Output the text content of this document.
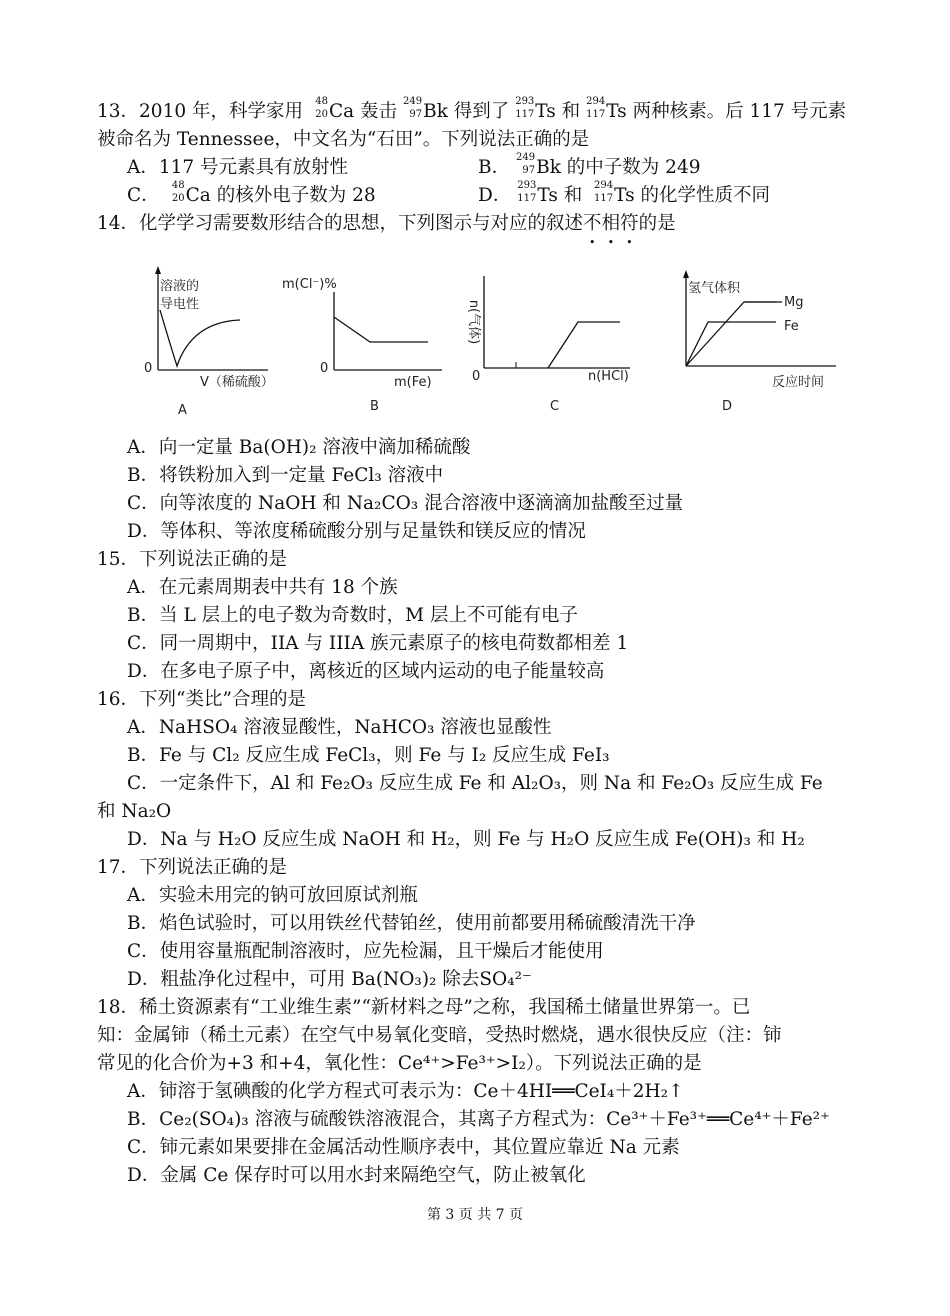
13．2010 年，科学家用 48
20 Ca 轰击 249
97 Bk 得到了 293
117 Ts 和 294
117 Ts 两种核素。后 117 号元素
被命名为 Tennessee，中文名为“石田”。下列说法正确的是
A．117 号元素具有放射性	B． 249
97 Bk 的中子数为 249
C． 48
20 Ca 的核外电子数为 28	D． 293
117 Ts 和 294
117 Ts 的化学性质不同
14．化学学习需要数形结合的思想，下列图示与对应的叙述不相符的是
溶液的
导电性
0
V（稀硫酸）
A
m(Cl⁻)%
0
m(Fe)
B
n(气体)
0	n(HCl)
C
氢气体积
Mg
Fe
反应时间
D
A．向一定量 Ba(OH)₂ 溶液中滴加稀硫酸
B．将铁粉加入到一定量 FeCl₃ 溶液中
C．向等浓度的 NaOH 和 Na₂CO₃ 混合溶液中逐滴滴加盐酸至过量
D．等体积、等浓度稀硫酸分别与足量铁和镁反应的情况
15．下列说法正确的是
A．在元素周期表中共有 18 个族
B．当 L 层上的电子数为奇数时，M 层上不可能有电子
C．同一周期中，IIA 与 IIIA 族元素原子的核电荷数都相差 1
D．在多电子原子中，离核近的区域内运动的电子能量较高
16．下列“类比”合理的是
A．NaHSO₄ 溶液显酸性，NaHCO₃ 溶液也显酸性
B．Fe 与 Cl₂ 反应生成 FeCl₃，则 Fe 与 I₂ 反应生成 FeI₃
C．一定条件下，Al 和 Fe₂O₃ 反应生成 Fe 和 Al₂O₃，则 Na 和 Fe₂O₃ 反应生成 Fe
和 Na₂O
D．Na 与 H₂O 反应生成 NaOH 和 H₂，则 Fe 与 H₂O 反应生成 Fe(OH)₃ 和 H₂
17．下列说法正确的是
A．实验未用完的钠可放回原试剂瓶
B．焰色试验时，可以用铁丝代替铂丝，使用前都要用稀硫酸清洗干净
C．使用容量瓶配制溶液时，应先检漏，且干燥后才能使用
D．粗盐净化过程中，可用 Ba(NO₃)₂ 除去SO₄²⁻
18．稀土资源素有“工业维生素”“新材料之母”之称，我国稀土储量世界第一。已
知：金属铈（稀土元素）在空气中易氧化变暗，受热时燃烧，遇水很快反应（注：铈
常见的化合价为+3 和+4，氧化性：Ce⁴⁺>Fe³⁺>I₂）。下列说法正确的是
A．铈溶于氢碘酸的化学方程式可表示为：Ce＋4HI══CeI₄＋2H₂↑
B．Ce₂(SO₄)₃ 溶液与硫酸铁溶液混合，其离子方程式为：Ce³⁺＋Fe³⁺══Ce⁴⁺＋Fe²⁺
C．铈元素如果要排在金属活动性顺序表中，其位置应靠近 Na 元素
D．金属 Ce 保存时可以用水封来隔绝空气，防止被氧化
第 3 页 共 7 页
